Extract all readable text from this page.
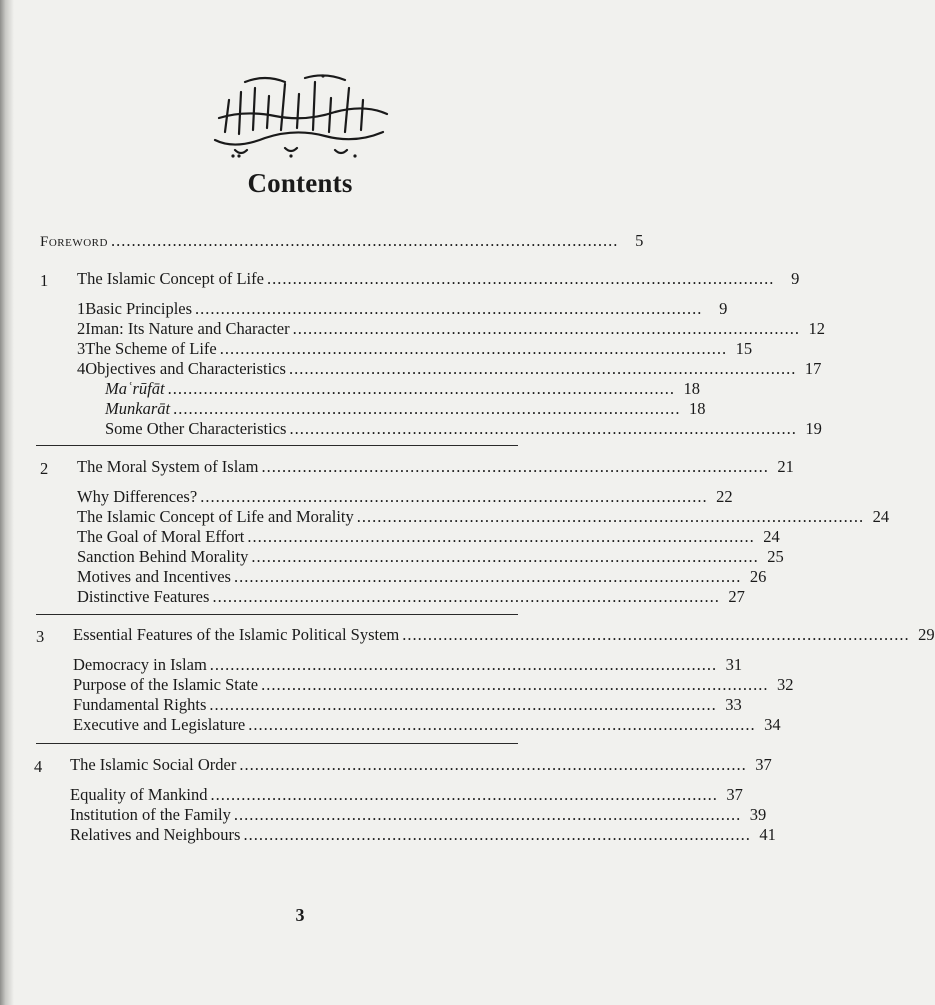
Contents
Foreword ...................................................................................................	5
1 The Islamic Concept of Life ...................................................................................................	9
1 Basic Principles ...................................................................................................	9
2 Iman: Its Nature and Character ................................................................................................... 12
3 The Scheme of Life ................................................................................................... 15
4 Objectives and Characteristics ................................................................................................... 17
Maʿrūfāt ................................................................................................... 18
Munkarāt ................................................................................................... 18
Some Other Characteristics ................................................................................................... 19
2 The Moral System of Islam ................................................................................................... 21
Why Differences? ................................................................................................... 22
The Islamic Concept of Life and Morality ................................................................................................... 24
The Goal of Moral Effort ................................................................................................... 24
Sanction Behind Morality ................................................................................................... 25
Motives and Incentives ................................................................................................... 26
Distinctive Features ................................................................................................... 27
3 Essential Features of the Islamic Political System ................................................................................................... 29
Democracy in Islam ................................................................................................... 31
Purpose of the Islamic State ................................................................................................... 32
Fundamental Rights ................................................................................................... 33
Executive and Legislature ................................................................................................... 34
4 The Islamic Social Order ................................................................................................... 37
Equality of Mankind ................................................................................................... 37
Institution of the Family ................................................................................................... 39
Relatives and Neighbours ................................................................................................... 41
3
